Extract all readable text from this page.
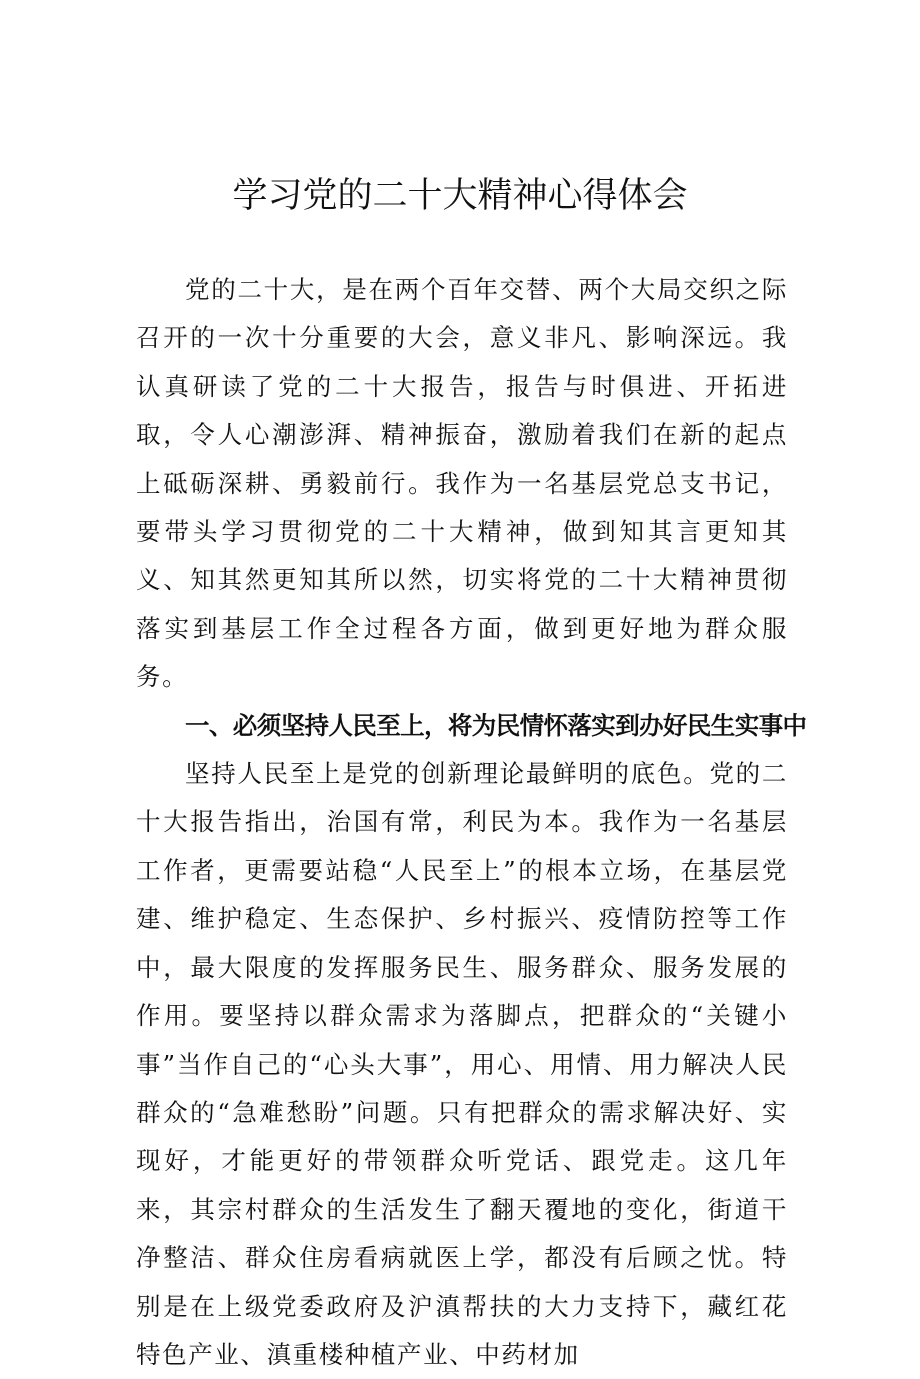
学习党的二十大精神心得体会

党的二十大，是在两个百年交替、两个大局交织之际召开的一次十分重要的大会，意义非凡、影响深远。我认真研读了党的二十大报告，报告与时俱进、开拓进取，令人心潮澎湃、精神振奋，激励着我们在新的起点上砥砺深耕、勇毅前行。我作为一名基层党总支书记，要带头学习贯彻党的二十大精神，做到知其言更知其义、知其然更知其所以然，切实将党的二十大精神贯彻落实到基层工作全过程各方面，做到更好地为群众服务。

一、必须坚持人民至上，将为民情怀落实到办好民生实事中

坚持人民至上是党的创新理论最鲜明的底色。党的二十大报告指出，治国有常，利民为本。我作为一名基层工作者，更需要站稳“人民至上”的根本立场，在基层党建、维护稳定、生态保护、乡村振兴、疫情防控等工作中，最大限度的发挥服务民生、服务群众、服务发展的作用。要坚持以群众需求为落脚点，把群众的“关键小事”当作自己的“心头大事”，用心、用情、用力解决人民群众的“急难愁盼”问题。只有把群众的需求解决好、实现好，才能更好的带领群众听党话、跟党走。这几年来，其宗村群众的生活发生了翻天覆地的变化，街道干净整洁、群众住房看病就医上学，都没有后顾之忧。特别是在上级党委政府及沪滇帮扶的大力支持下，藏红花特色产业、滇重楼种植产业、中药材加
